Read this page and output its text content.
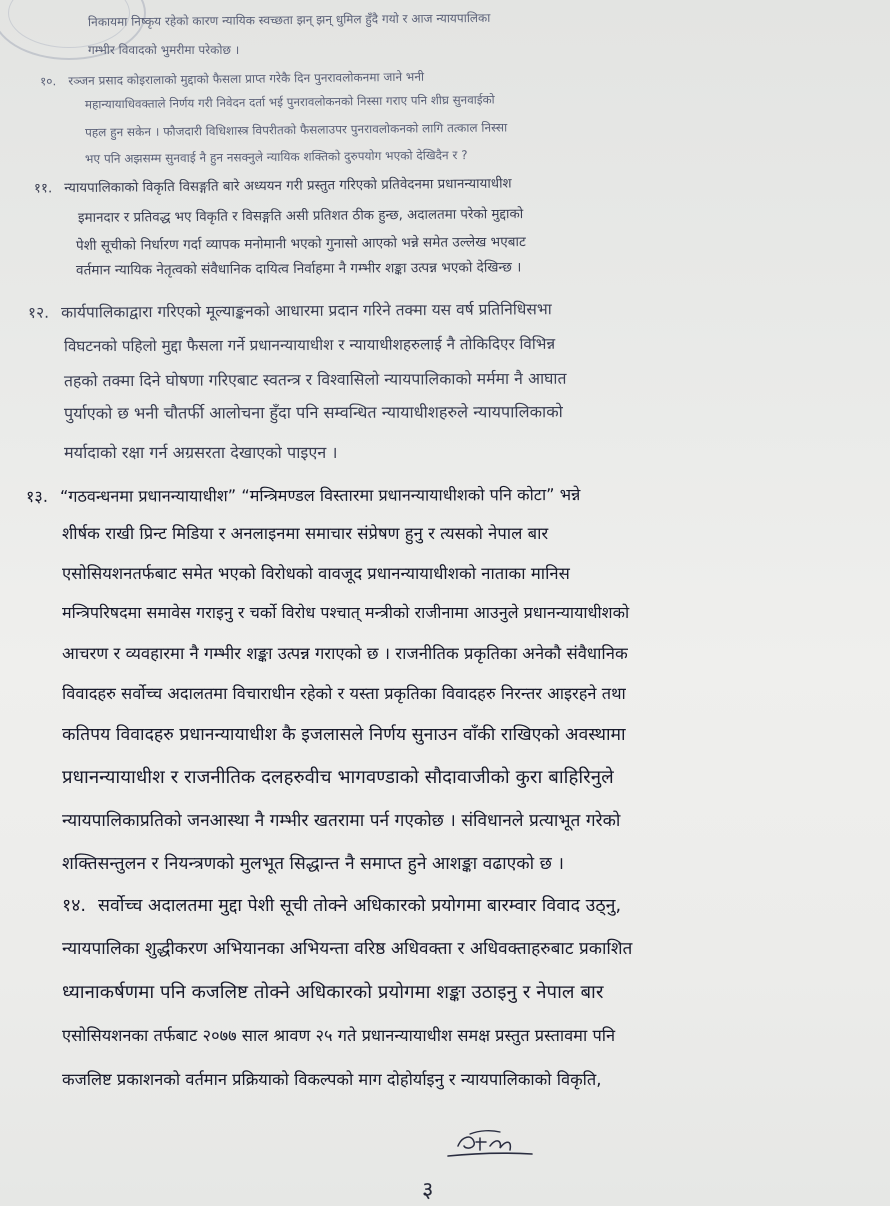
निकायमा निष्कृय रहेको कारण न्यायिक स्वच्छता झन् झन् धुमिल हुँदै गयो र आज न्यायपालिका
गम्भीर विवादको भुमरीमा परेकोछ ।
१०. रञ्जन प्रसाद कोइरालाको मुद्दाको फैसला प्राप्त गरेकै दिन पुनरावलोकनमा जाने भनी
महान्यायाधिवक्ताले निर्णय गरी निवेदन दर्ता भई पुनरावलोकनको निस्सा गराए पनि शीघ्र सुनवाईको
पहल हुन सकेन । फौजदारी विधिशास्त्र विपरीतको फैसलाउपर पुनरावलोकनको लागि तत्काल निस्सा
भए पनि अझसम्म सुनवाई नै हुन नसक्नुले न्यायिक शक्तिको दुरुपयोग भएको देखिदैन र ?
११. न्यायपालिकाको विकृति विसङ्गति बारे अध्ययन गरी प्रस्तुत गरिएको प्रतिवेदनमा प्रधानन्यायाधीश
इमानदार र प्रतिवद्ध भए विकृति र विसङ्गति असी प्रतिशत ठीक हुन्छ, अदालतमा परेको मुद्दाको
पेशी सूचीको निर्धारण गर्दा व्यापक मनोमानी भएको गुनासो आएको भन्ने समेत उल्लेख भएबाट
वर्तमान न्यायिक नेतृत्वको संवैधानिक दायित्व निर्वाहमा नै गम्भीर शङ्का उत्पन्न भएको देखिन्छ ।
१२. कार्यपालिकाद्वारा गरिएको मूल्याङ्कनको आधारमा प्रदान गरिने तक्मा यस वर्ष प्रतिनिधिसभा
विघटनको पहिलो मुद्दा फैसला गर्ने प्रधानन्यायाधीश र न्यायाधीशहरुलाई नै तोकिदिएर विभिन्न
तहको तक्मा दिने घोषणा गरिएबाट स्वतन्त्र र विश्वासिलो न्यायपालिकाको मर्ममा नै आघात
पुर्याएको छ भनी चौतर्फी आलोचना हुँदा पनि सम्वन्धित न्यायाधीशहरुले न्यायपालिकाको
मर्यादाको रक्षा गर्न अग्रसरता देखाएको पाइएन ।
१३. “गठवन्धनमा प्रधानन्यायाधीश” “मन्त्रिमण्डल विस्तारमा प्रधानन्यायाधीशको पनि कोटा” भन्ने
शीर्षक राखी प्रिन्ट मिडिया र अनलाइनमा समाचार संप्रेषण हुनु र त्यसको नेपाल बार
एसोसियशनतर्फबाट समेत भएको विरोधको वावजूद प्रधानन्यायाधीशको नाताका मानिस
मन्त्रिपरिषदमा समावेस गराइनु र चर्को विरोध पश्चात् मन्त्रीको राजीनामा आउनुले प्रधानन्यायाधीशको
आचरण र व्यवहारमा नै गम्भीर शङ्का उत्पन्न गराएको छ । राजनीतिक प्रकृतिका अनेकौ संवैधानिक
विवादहरु सर्वोच्च अदालतमा विचाराधीन रहेको र यस्ता प्रकृतिका विवादहरु निरन्तर आइरहने तथा
कतिपय विवादहरु प्रधानन्यायाधीश कै इजलासले निर्णय सुनाउन वाँकी राखिएको अवस्थामा
प्रधानन्यायाधीश र राजनीतिक दलहरुवीच भागवण्डाको सौदावाजीको कुरा बाहिरिनुले
न्यायपालिकाप्रतिको जनआस्था नै गम्भीर खतरामा पर्न गएकोछ । संविधानले प्रत्याभूत गरेको
शक्तिसन्तुलन र नियन्त्रणको मुलभूत सिद्धान्त नै समाप्त हुने आशङ्का वढाएको छ ।
१४. सर्वोच्च अदालतमा मुद्दा पेशी सूची तोक्ने अधिकारको प्रयोगमा बारम्वार विवाद उठ्नु,
न्यायपालिका शुद्धीकरण अभियानका अभियन्ता वरिष्ठ अधिवक्ता र अधिवक्ताहरुबाट प्रकाशित
ध्यानाकर्षणमा पनि कजलिष्ट तोक्ने अधिकारको प्रयोगमा शङ्का उठाइनु र नेपाल बार
एसोसियशनका तर्फबाट २०७७ साल श्रावण २५ गते प्रधानन्यायाधीश समक्ष प्रस्तुत प्रस्तावमा पनि
कजलिष्ट प्रकाशनको वर्तमान प्रक्रियाको विकल्पको माग दोहोर्याइनु र न्यायपालिकाको विकृति,
३
